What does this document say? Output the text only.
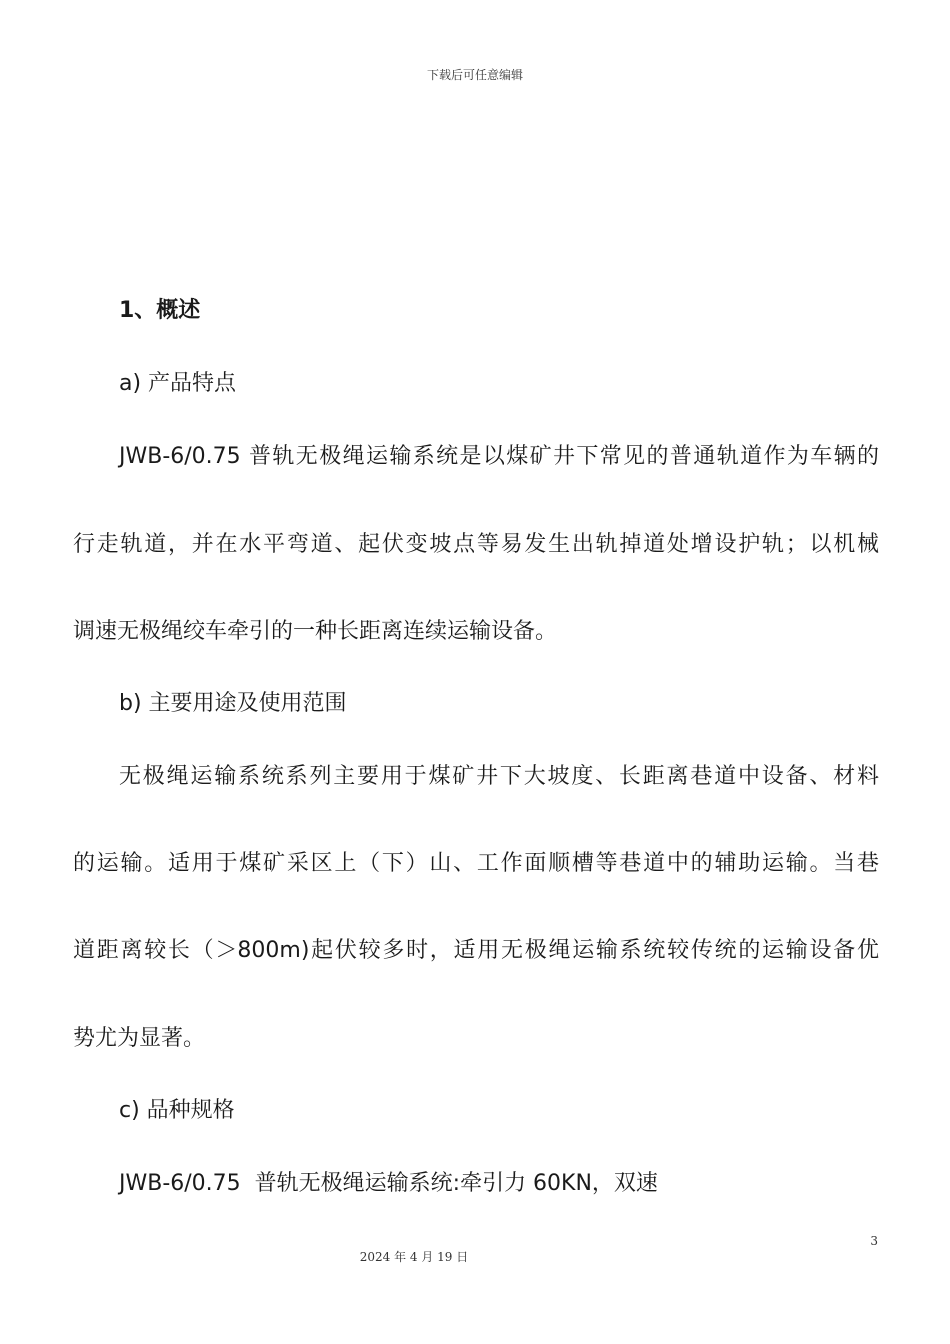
下载后可任意编辑
1、概述
a) 产品特点
JWB-6/0.75 普轨无极绳运输系统是以煤矿井下常见的普通轨道作为车辆的
行走轨道，并在水平弯道、起伏变坡点等易发生出轨掉道处增设护轨；以机械
调速无极绳绞车牵引的一种长距离连续运输设备。
b) 主要用途及使用范围
无极绳运输系统系列主要用于煤矿井下大坡度、长距离巷道中设备、材料
的运输。适用于煤矿采区上（下）山、工作面顺槽等巷道中的辅助运输。当巷
道距离较长（＞800m)起伏较多时，适用无极绳运输系统较传统的运输设备优
势尤为显著。
c) 品种规格
JWB-6/0.75  普轨无极绳运输系统:牵引力 60KN，双速
3
2024 年 4 月 19 日
